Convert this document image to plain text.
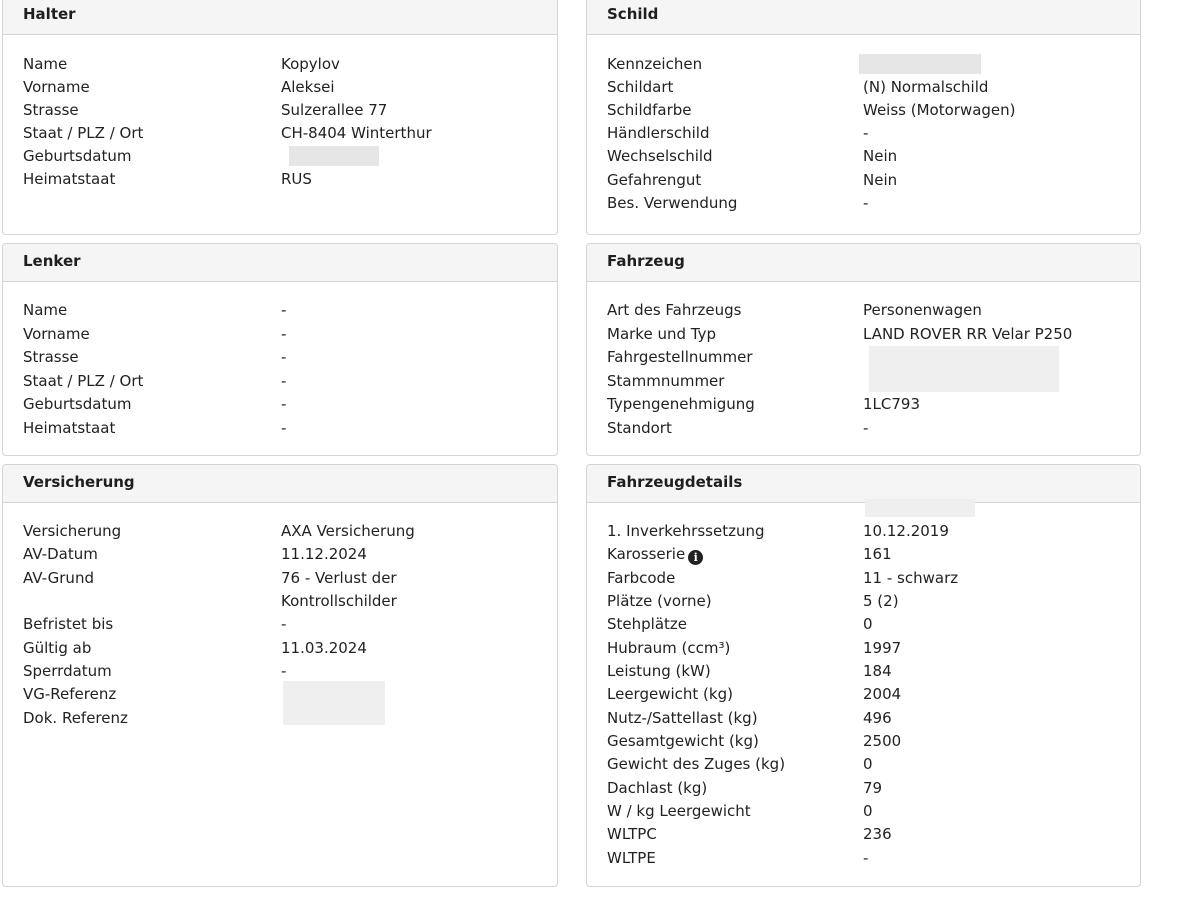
Halter
Name	Kopylov
Vorname	Aleksei
Strasse	Sulzerallee 77
Staat / PLZ / Ort	CH-8404 Winterthur
Geburtsdatum
Heimatstaat	RUS
Lenker
Name	-
Vorname	-
Strasse	-
Staat / PLZ / Ort	-
Geburtsdatum	-
Heimatstaat	-
Versicherung
Versicherung	AXA Versicherung
AV-Datum	11.12.2024
AV-Grund	76 - Verlust der Kontrollschilder
Befristet bis	-
Gültig ab	11.03.2024
Sperrdatum	-
VG-Referenz
Dok. Referenz
Schild
Kennzeichen
Schildart	(N) Normalschild
Schildfarbe	Weiss (Motorwagen)
Händlerschild	-
Wechselschild	Nein
Gefahrengut	Nein
Bes. Verwendung	-
Fahrzeug
Art des Fahrzeugs	Personenwagen
Marke und Typ	LAND ROVER RR Velar P250
Fahrgestellnummer
Stammnummer
Typengenehmigung	1LC793
Standort	-
Fahrzeugdetails
1. Inverkehrssetzung	10.12.2019
Karosserie i	161
Farbcode	11 - schwarz
Plätze (vorne)	5 (2)
Stehplätze	0
Hubraum (ccm³)	1997
Leistung (kW)	184
Leergewicht (kg)	2004
Nutz-/Sattellast (kg)	496
Gesamtgewicht (kg)	2500
Gewicht des Zuges (kg)	0
Dachlast (kg)	79
W / kg Leergewicht	0
WLTPC	236
WLTPE	-
